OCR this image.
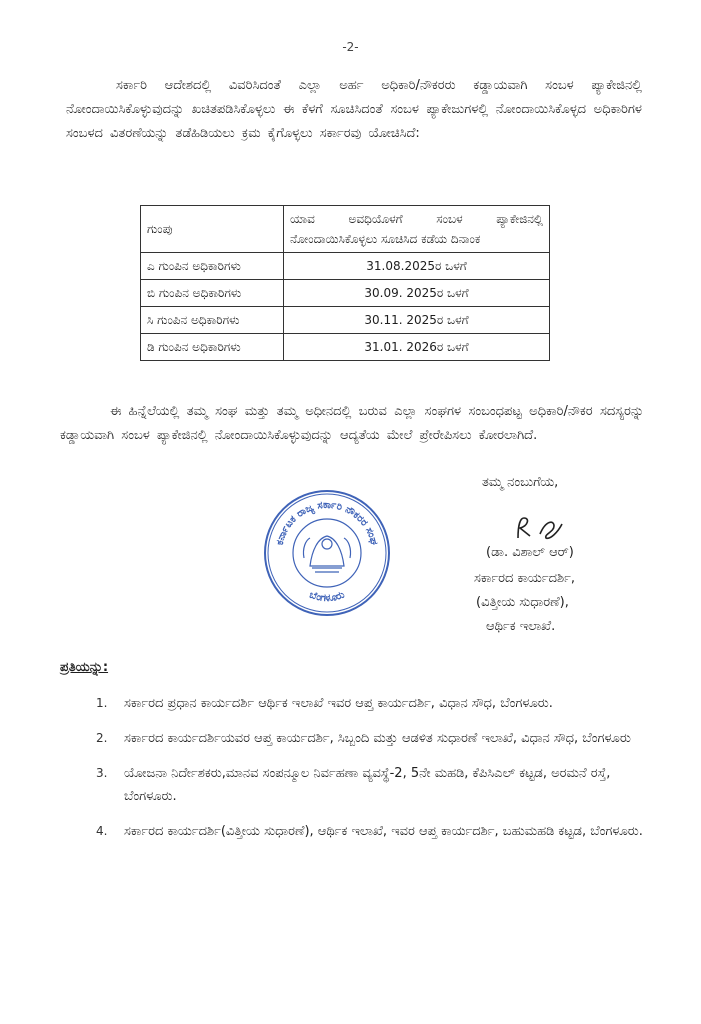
-2-
ಸರ್ಕಾರಿ ಆದೇಶದಲ್ಲಿ ವಿವರಿಸಿದಂತೆ ಎಲ್ಲಾ ಅರ್ಹ ಅಧಿಕಾರಿ/ನೌಕರರು ಕಡ್ಡಾಯವಾಗಿ ಸಂಬಳ ಪ್ಯಾಕೇಜಿನಲ್ಲಿ ನೋಂದಾಯಿಸಿಕೊಳ್ಳುವುದನ್ನು ಖಚಿತಪಡಿಸಿಕೊಳ್ಳಲು ಈ ಕೆಳಗೆ ಸೂಚಿಸಿದಂತೆ ಸಂಬಳ ಪ್ಯಾಕೇಜುಗಳಲ್ಲಿ ನೋಂದಾಯಿಸಿಕೊಳ್ಳದ ಅಧಿಕಾರಿಗಳ ಸಂಬಳದ ವಿತರಣೆಯನ್ನು ತಡೆಹಿಡಿಯಲು ಕ್ರಮ ಕೈಗೊಳ್ಳಲು ಸರ್ಕಾರವು ಯೋಚಿಸಿದೆ:
ಗುಂಪು	ಯಾವ ಅವಧಿಯೊಳಗೆ ಸಂಬಳ ಪ್ಯಾಕೇಜಿನಲ್ಲಿ ನೋಂದಾಯಿಸಿಕೊಳ್ಳಲು ಸೂಚಿಸಿದ ಕಡೆಯ ದಿನಾಂಕ
ಎ ಗುಂಪಿನ ಅಧಿಕಾರಿಗಳು	31.08.2025ರ ಒಳಗೆ
ಬಿ ಗುಂಪಿನ ಅಧಿಕಾರಿಗಳು	30.09. 2025ರ ಒಳಗೆ
ಸಿ ಗುಂಪಿನ ಅಧಿಕಾರಿಗಳು	30.11. 2025ರ ಒಳಗೆ
ಡಿ ಗುಂಪಿನ ಅಧಿಕಾರಿಗಳು	31.01. 2026ರ ಒಳಗೆ
ಈ ಹಿನ್ನೆಲೆಯಲ್ಲಿ ತಮ್ಮ ಸಂಘ ಮತ್ತು ತಮ್ಮ ಅಧೀನದಲ್ಲಿ ಬರುವ ಎಲ್ಲಾ ಸಂಘಗಳ ಸಂಬಂಧಪಟ್ಟ ಅಧಿಕಾರಿ/ನೌಕರ ಸದಸ್ಯರನ್ನು ಕಡ್ಡಾಯವಾಗಿ ಸಂಬಳ ಪ್ಯಾಕೇಜಿನಲ್ಲಿ ನೋಂದಾಯಿಸಿಕೊಳ್ಳುವುದನ್ನು ಆದ್ಯತೆಯ ಮೇಲೆ ಪ್ರೇರೇಪಿಸಲು ಕೋರಲಾಗಿದೆ.
ತಮ್ಮ ನಂಬುಗೆಯ,
ಕರ್ನಾಟಕ ರಾಜ್ಯ ಸರ್ಕಾರಿ ನೌಕರರ ಸಂಘ
ಬೆಂಗಳೂರು
(ಡಾ. ವಿಶಾಲ್ ಆರ್)
ಸರ್ಕಾರದ ಕಾರ್ಯದರ್ಶಿ,
(ವಿತ್ತೀಯ ಸುಧಾರಣೆ),
ಆರ್ಥಿಕ ಇಲಾಖೆ.
ಪ್ರತಿಯನ್ನು:
1. ಸರ್ಕಾರದ ಪ್ರಧಾನ ಕಾರ್ಯದರ್ಶಿ ಆರ್ಥಿಕ ಇಲಾಖೆ ಇವರ ಆಪ್ತ ಕಾರ್ಯದರ್ಶಿ, ವಿಧಾನ ಸೌಧ, ಬೆಂಗಳೂರು.
2. ಸರ್ಕಾರದ ಕಾರ್ಯದರ್ಶಿಯವರ ಆಪ್ತ ಕಾರ್ಯದರ್ಶಿ, ಸಿಬ್ಬಂದಿ ಮತ್ತು ಆಡಳಿತ ಸುಧಾರಣೆ ಇಲಾಖೆ, ವಿಧಾನ ಸೌಧ, ಬೆಂಗಳೂರು
3. ಯೋಜನಾ ನಿರ್ದೇಶಕರು,ಮಾನವ ಸಂಪನ್ಮೂಲ ನಿರ್ವಹಣಾ ವ್ಯವಸ್ಥೆ-2, 5ನೇ ಮಹಡಿ, ಕೆಪಿಸಿಎಲ್ ಕಟ್ಟಡ, ಅರಮನೆ ರಸ್ತೆ, ಬೆಂಗಳೂರು.
4. ಸರ್ಕಾರದ ಕಾರ್ಯದರ್ಶಿ(ವಿತ್ತೀಯ ಸುಧಾರಣೆ), ಆರ್ಥಿಕ ಇಲಾಖೆ, ಇವರ ಆಪ್ತ ಕಾರ್ಯದರ್ಶಿ, ಬಹುಮಹಡಿ ಕಟ್ಟಡ, ಬೆಂಗಳೂರು.
